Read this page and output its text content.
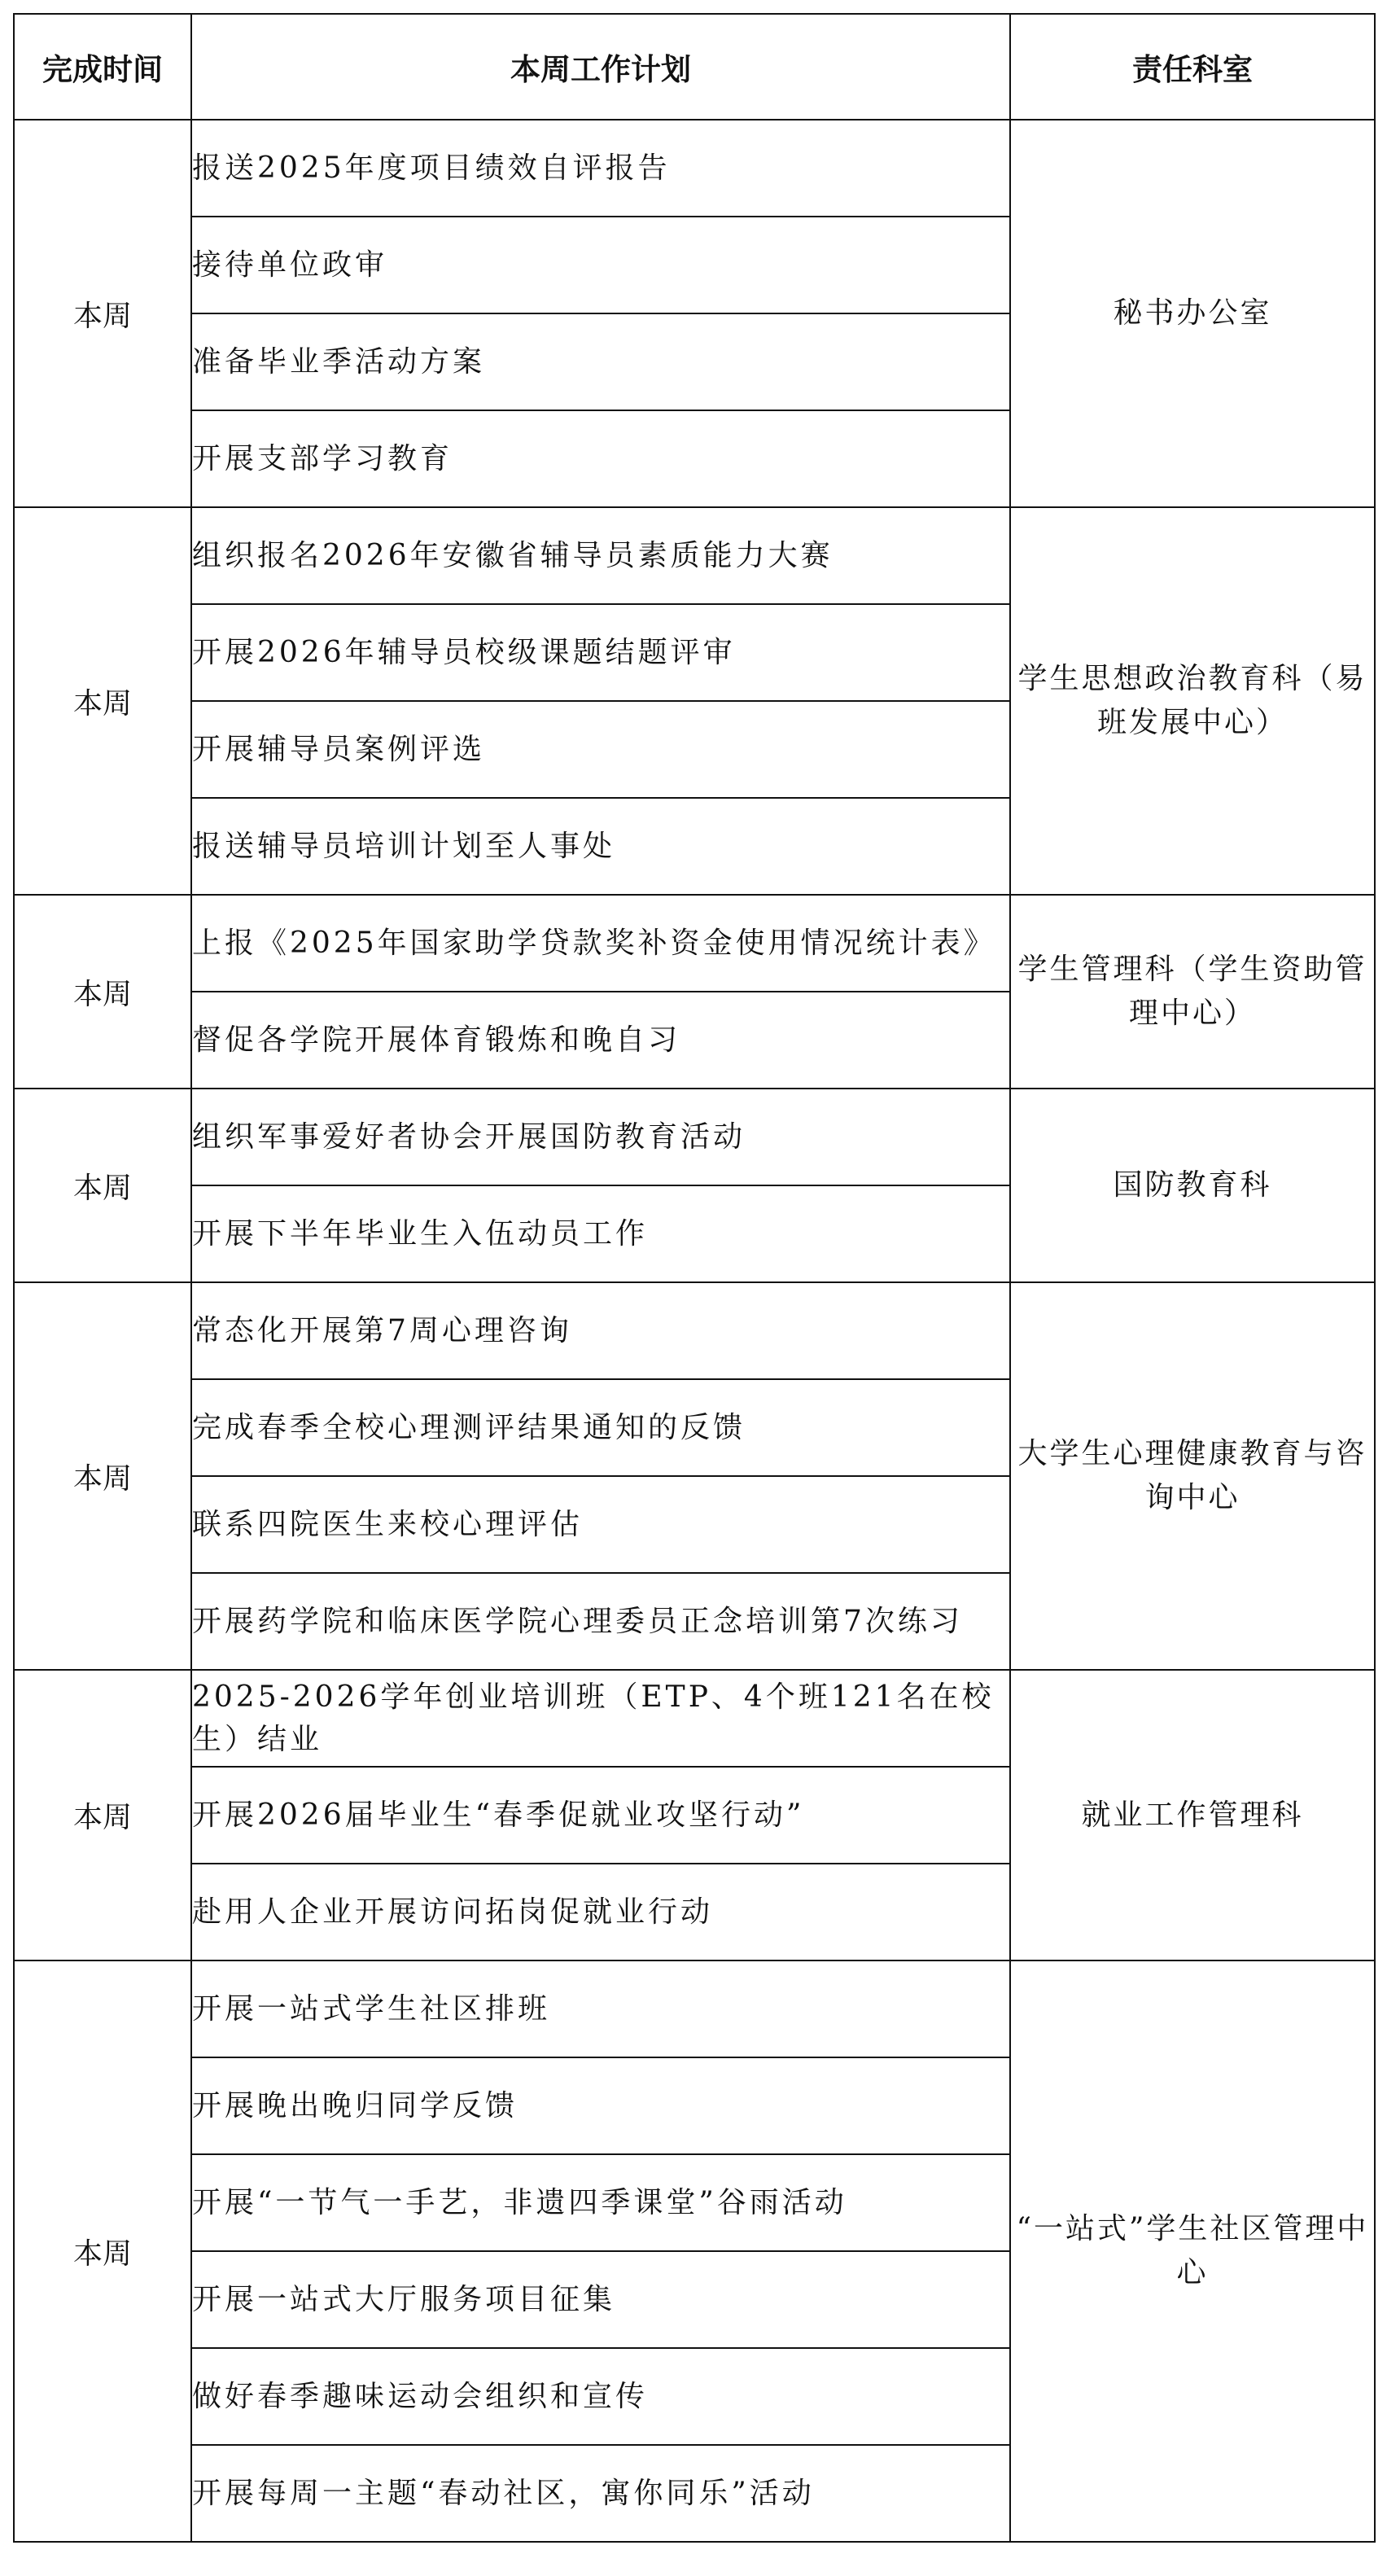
完成时间	本周工作计划	责任科室
本周	报送2025年度项目绩效自评报告	秘书办公室
	接待单位政审	
	准备毕业季活动方案	
	开展支部学习教育	
本周	组织报名2026年安徽省辅导员素质能力大赛	学生思想政治教育科（易班发展中心）
	开展2026年辅导员校级课题结题评审	
	开展辅导员案例评选	
	报送辅导员培训计划至人事处	
本周	上报《2025年国家助学贷款奖补资金使用情况统计表》	学生管理科（学生资助管理中心）
	督促各学院开展体育锻炼和晚自习	
本周	组织军事爱好者协会开展国防教育活动	国防教育科
	开展下半年毕业生入伍动员工作	
本周	常态化开展第7周心理咨询	大学生心理健康教育与咨询中心
	完成春季全校心理测评结果通知的反馈	
	联系四院医生来校心理评估	
	开展药学院和临床医学院心理委员正念培训第7次练习	
本周	2025-2026学年创业培训班（ETP、4个班121名在校生）结业	就业工作管理科
	开展2026届毕业生“春季促就业攻坚行动”	
	赴用人企业开展访问拓岗促就业行动	
本周	开展一站式学生社区排班	“一站式”学生社区管理中心
	开展晚出晚归同学反馈	
	开展“一节气一手艺，非遗四季课堂”谷雨活动	
	开展一站式大厅服务项目征集	
	做好春季趣味运动会组织和宣传	
	开展每周一主题“春动社区，寓你同乐”活动	
